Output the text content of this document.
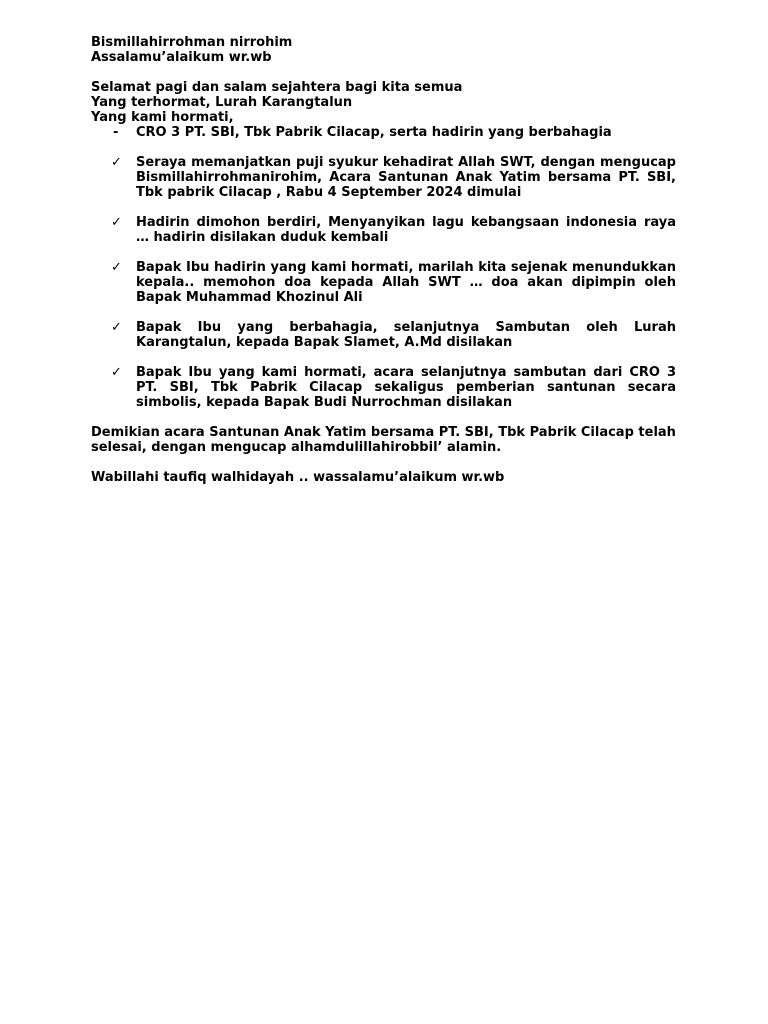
Bismillahirrohman nirrohim
Assalamu’alaikum wr.wb
Selamat pagi dan salam sejahtera bagi kita semua
Yang terhormat, Lurah Karangtalun
Yang kami hormati,
- CRO 3 PT. SBI, Tbk Pabrik Cilacap, serta hadirin yang berbahagia
✓ Seraya memanjatkan puji syukur kehadirat Allah SWT, dengan mengucap Bismillahirrohmanirohim, Acara Santunan Anak Yatim bersama PT. SBI, Tbk pabrik Cilacap , Rabu 4 September 2024 dimulai
✓ Hadirin dimohon berdiri, Menyanyikan lagu kebangsaan indonesia raya … hadirin disilakan duduk kembali
✓ Bapak Ibu hadirin yang kami hormati, marilah kita sejenak menundukkan kepala.. memohon doa kepada Allah SWT … doa akan dipimpin oleh Bapak Muhammad Khozinul Ali
✓ Bapak Ibu yang berbahagia, selanjutnya Sambutan oleh Lurah Karangtalun, kepada Bapak Slamet, A.Md disilakan
✓ Bapak Ibu yang kami hormati, acara selanjutnya sambutan dari CRO 3 PT. SBI, Tbk Pabrik Cilacap sekaligus pemberian santunan secara simbolis, kepada Bapak Budi Nurrochman disilakan
Demikian acara Santunan Anak Yatim bersama PT. SBI, Tbk Pabrik Cilacap telah selesai, dengan mengucap alhamdulillahirobbil’ alamin.
Wabillahi taufiq walhidayah .. wassalamu’alaikum wr.wb
